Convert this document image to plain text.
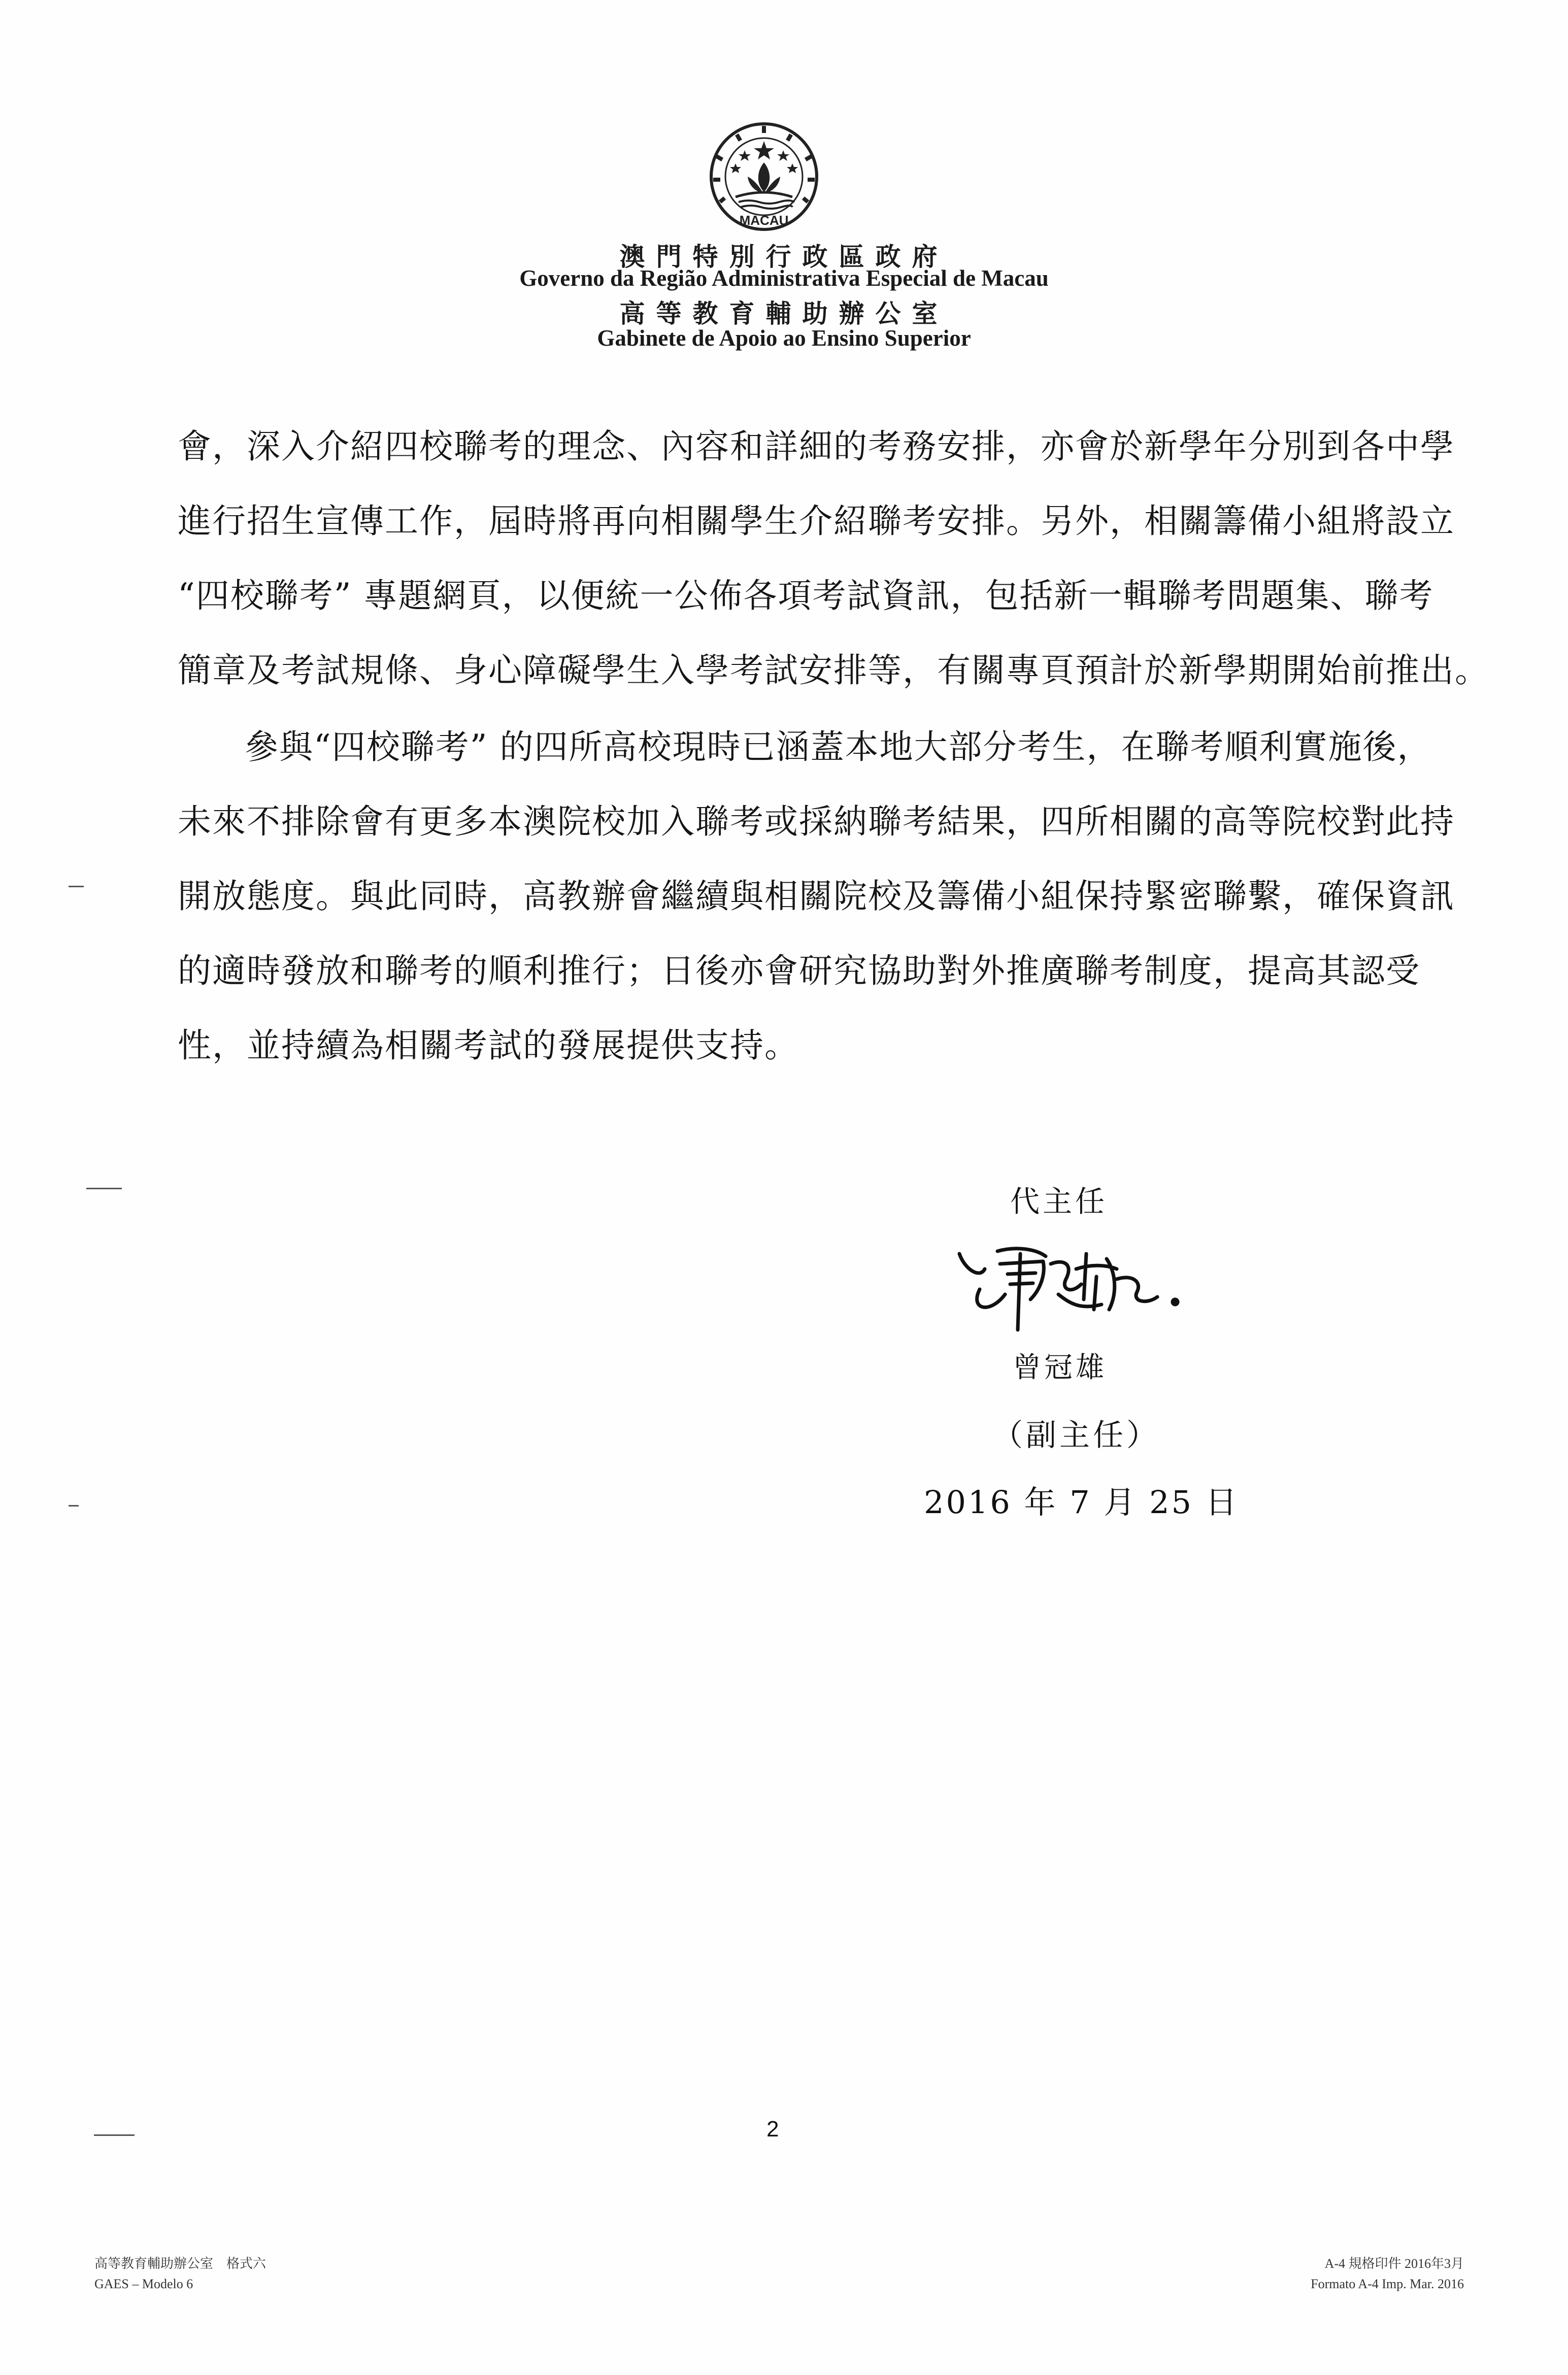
MACAU
澳門特別行政區政府
Governo da Região Administrativa Especial de Macau
高等教育輔助辦公室
Gabinete de Apoio ao Ensino Superior
會，深入介紹四校聯考的理念、內容和詳細的考務安排，亦會於新學年分別到各中學
進行招生宣傳工作，屆時將再向相關學生介紹聯考安排。另外，相關籌備小組將設立
“四校聯考” 專題網頁，以便統一公佈各項考試資訊，包括新一輯聯考問題集、聯考
簡章及考試規條、身心障礙學生入學考試安排等，有關專頁預計於新學期開始前推出。
參與“四校聯考” 的四所高校現時已涵蓋本地大部分考生，在聯考順利實施後，
未來不排除會有更多本澳院校加入聯考或採納聯考結果，四所相關的高等院校對此持
開放態度。與此同時，高教辦會繼續與相關院校及籌備小組保持緊密聯繫，確保資訊
的適時發放和聯考的順利推行；日後亦會研究協助對外推廣聯考制度，提高其認受
性，並持續為相關考試的發展提供支持。
代主任
曾冠雄
（副主任）
2016 年 7 月 25 日
2
高等教育輔助辦公室　格式六
GAES – Modelo 6
A-4 規格印件 2016年3月
Formato A-4 Imp. Mar. 2016
